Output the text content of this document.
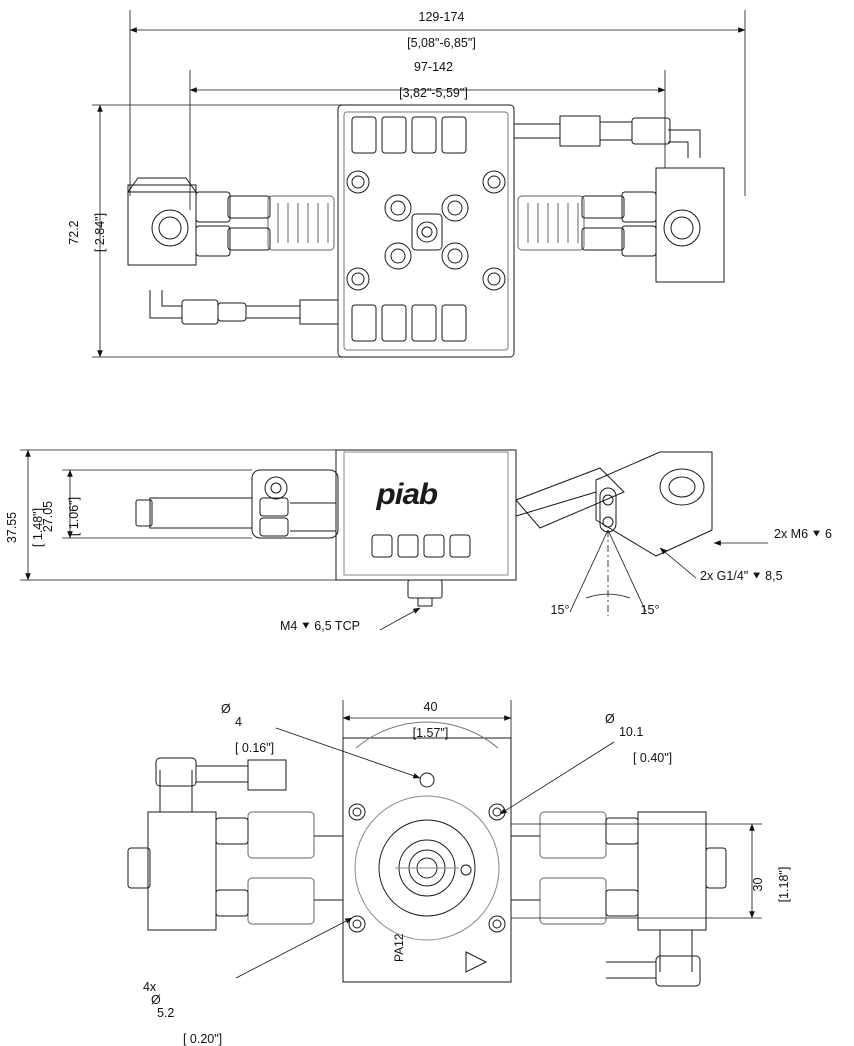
PA12

129-174

[5,08"-6,85"]

97-142

[3,82"-5,59"]

72.2 [ 2.84"]

37.55 [ 1.48"]

27.05 [ 1.06"]	2x M6 ⯆ 6
2x G1/4" ⯆ 8,5
M4 ⯆ 6,5 TCP
15°	15°
piab

40

[1.57"]

30 [1.18"]

Ø
4

[ 0.16"]

Ø
10.1

[ 0.40"]

4x
Ø
5.2

[ 0.20"]
